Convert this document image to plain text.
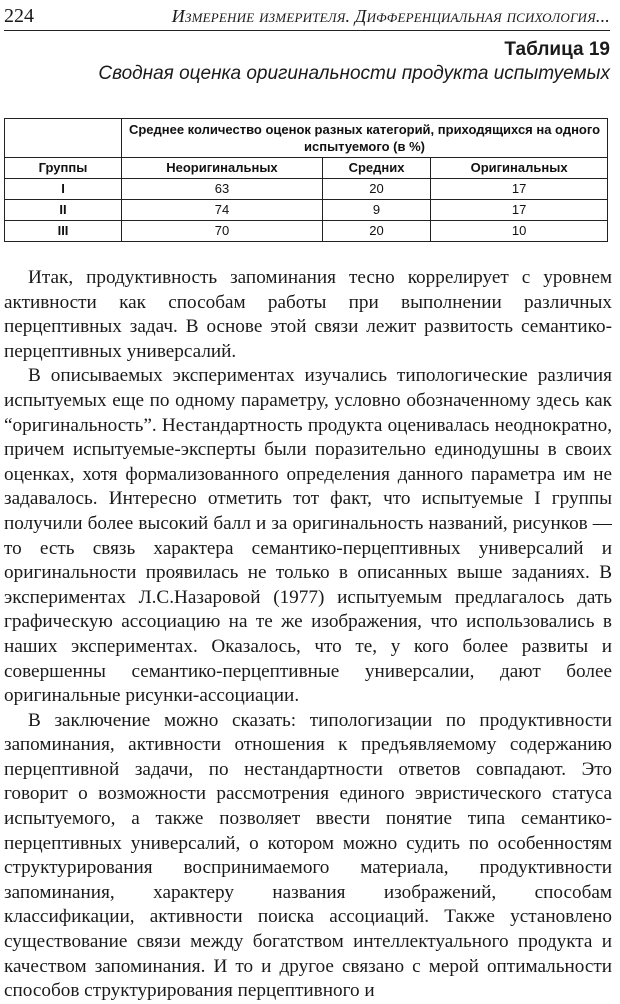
224	Измерение измерителя. Дифференциальная психология...
Таблица 19
Сводная оценка оригинальности продукта испытуемых
	Среднее количество оценок разных категорий, приходящихся на одного испытуемого (в %)		
Группы	Неоригинальных	Средних	Оригинальных
I	63	20	17
II	74	9	17
III	70	20	10

Итак, продуктивность запоминания тесно коррелирует с уровнем активности как способам работы при выполнении различных перцептивных задач. В основе этой связи лежит развитость семантико-перцептивных универсалий.

В описываемых экспериментах изучались типологические различия испытуемых еще по одному параметру, условно обозначенному здесь как “оригинальность”. Нестандартность продукта оценивалась неоднократно, причем испытуемые-эксперты были поразительно единодушны в своих оценках, хотя формализованного определения данного параметра им не задавалось. Интересно отметить тот факт, что испытуемые I группы получили более высокий балл и за оригинальность названий, рисунков — то есть связь характера семантико-перцептивных универсалий и оригинальности проявилась не только в описанных выше заданиях. В экспериментах Л.С.Назаровой (1977) испытуемым предлагалось дать графическую ассоциацию на те же изображения, что использовались в наших экспериментах. Оказалось, что те, у кого более развиты и совершенны семантико-перцептивные универсалии, дают более оригинальные рисунки-ассоциации.

В заключение можно сказать: типологизации по продуктивности запоминания, активности отношения к предъявляемому содержанию перцептивной задачи, по нестандартности ответов совпадают. Это говорит о возможности рассмотрения единого эвристического статуса испытуемого, а также позволяет ввести понятие типа семантико-перцептивных универсалий, о котором можно судить по особенностям структурирования воспринимаемого материала, продуктивности запоминания, характеру названия изображений, способам классификации, активности поиска ассоциаций. Также установлено существование связи между богатством интеллектуального продукта и качеством запоминания. И то и другое связано с мерой оптимальности способов структурирования перцептивного и
